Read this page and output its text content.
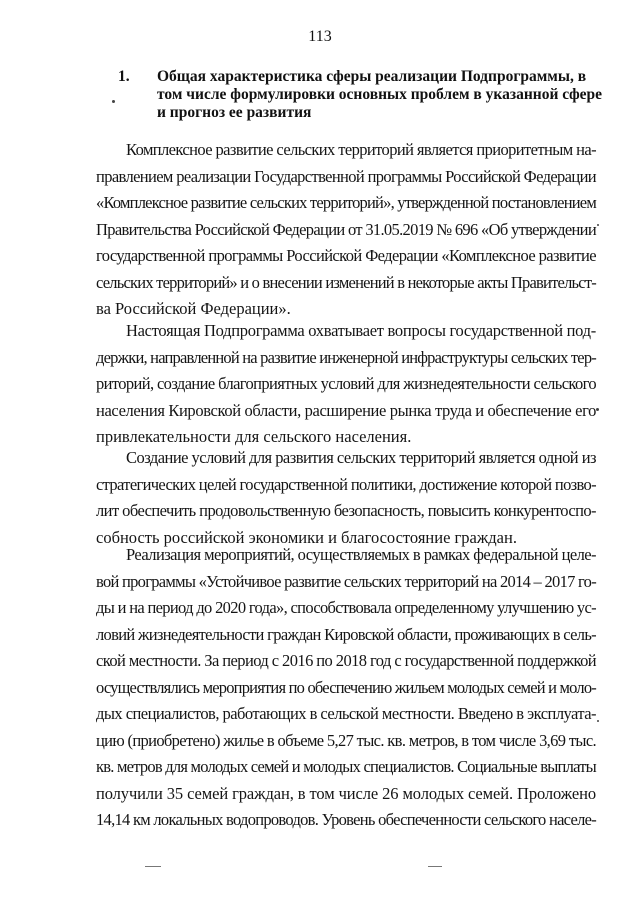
113
1. Общая характеристика сферы реализации Подпрограммы, в том числе формулировки основных проблем в указанной сфере и прогноз ее развития
Комплексное развитие сельских территорий является приоритетным на-
правлением реализации Государственной программы Российской Федерации
«Комплексное развитие сельских территорий», утвержденной постановлением
Правительства Российской Федерации от 31.05.2019 № 696 «Об утверждении
государственной программы Российской Федерации «Комплексное развитие
сельских территорий» и о внесении изменений в некоторые акты Правительст-
ва Российской Федерации».
Настоящая Подпрограмма охватывает вопросы государственной под-
держки, направленной на развитие инженерной инфраструктуры сельских тер-
риторий, создание благоприятных условий для жизнедеятельности сельского
населения Кировской области, расширение рынка труда и обеспечение его
привлекательности для сельского населения.
Создание условий для развития сельских территорий является одной из
стратегических целей государственной политики, достижение которой позво-
лит обеспечить продовольственную безопасность, повысить конкурентоспо-
собность российской экономики и благосостояние граждан.
Реализация мероприятий, осуществляемых в рамках федеральной целе-
вой программы «Устойчивое развитие сельских территорий на 2014 – 2017 го-
ды и на период до 2020 года», способствовала определенному улучшению ус-
ловий жизнедеятельности граждан Кировской области, проживающих в сель-
ской местности. За период с 2016 по 2018 год с государственной поддержкой
осуществлялись мероприятия по обеспечению жильем молодых семей и моло-
дых специалистов, работающих в сельской местности. Введено в эксплуата-
цию (приобретено) жилье в объеме 5,27 тыс. кв. метров, в том числе 3,69 тыс.
кв. метров для молодых семей и молодых специалистов. Социальные выплаты
получили 35 семей граждан, в том числе 26 молодых семей. Проложено
14,14 км локальных водопроводов. Уровень обеспеченности сельского населе-
